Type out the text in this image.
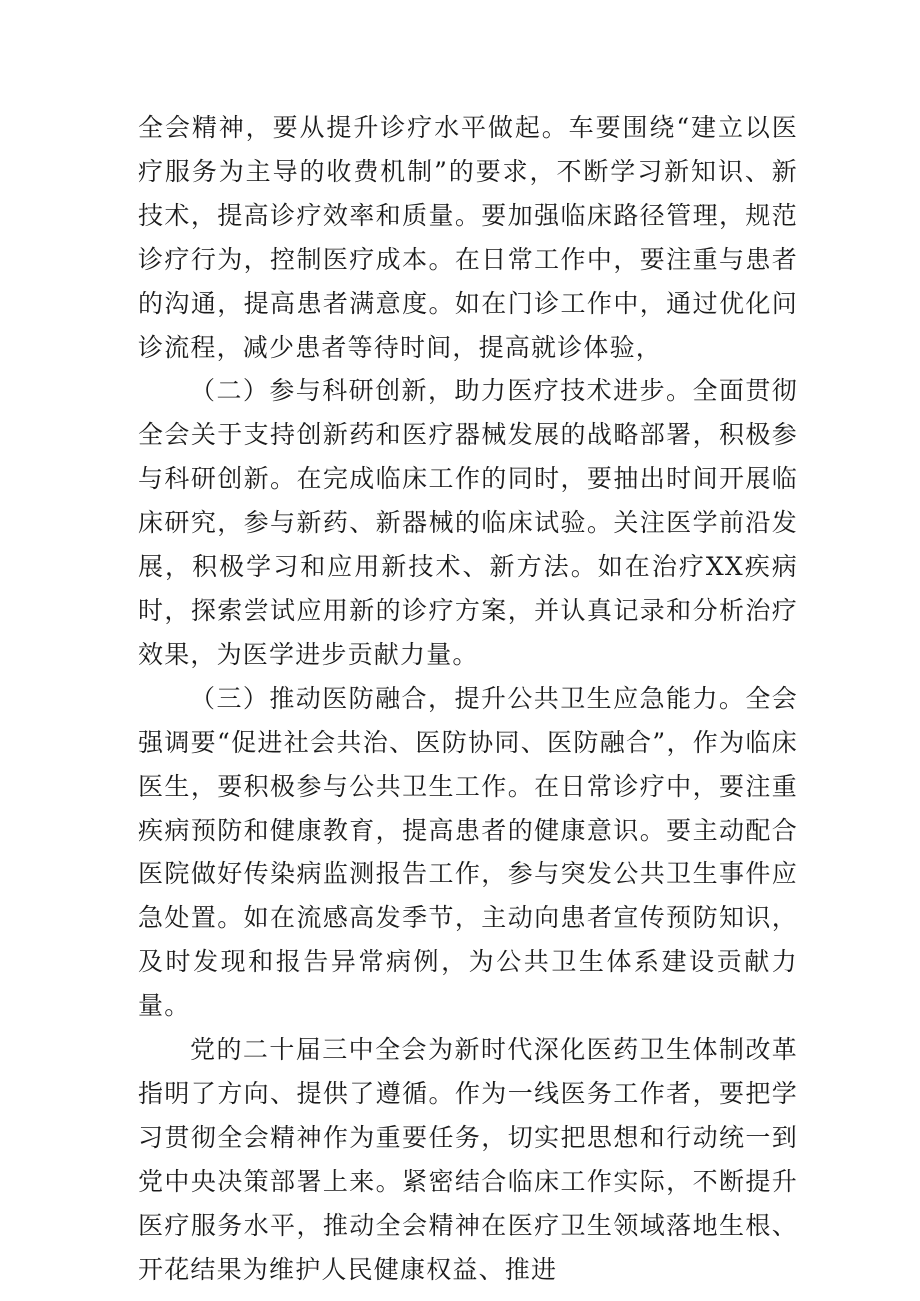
全会精神，要从提升诊疗水平做起。车要围绕“建立以医疗服务为主导的收费机制”的要求，不断学习新知识、新技术，提高诊疗效率和质量。要加强临床路径管理，规范诊疗行为，控制医疗成本。在日常工作中，要注重与患者的沟通，提高患者满意度。如在门诊工作中，通过优化问诊流程，减少患者等待时间，提高就诊体验，

（二）参与科研创新，助力医疗技术进步。全面贯彻全会关于支持创新药和医疗器械发展的战略部署，积极参与科研创新。在完成临床工作的同时，要抽出时间开展临床研究，参与新药、新器械的临床试验。关注医学前沿发展，积极学习和应用新技术、新方法。如在治疗XX疾病时，探索尝试应用新的诊疗方案，并认真记录和分析治疗效果，为医学进步贡献力量。

（三）推动医防融合，提升公共卫生应急能力。全会强调要“促进社会共治、医防协同、医防融合”，作为临床医生，要积极参与公共卫生工作。在日常诊疗中，要注重疾病预防和健康教育，提高患者的健康意识。要主动配合医院做好传染病监测报告工作，参与突发公共卫生事件应急处置。如在流感高发季节，主动向患者宣传预防知识，及时发现和报告异常病例，为公共卫生体系建设贡献力量。

党的二十届三中全会为新时代深化医药卫生体制改革指明了方向、提供了遵循。作为一线医务工作者，要把学习贯彻全会精神作为重要任务，切实把思想和行动统一到党中央决策部署上来。紧密结合临床工作实际，不断提升医疗服务水平，推动全会精神在医疗卫生领域落地生根、开花结果为维护人民健康权益、推进
